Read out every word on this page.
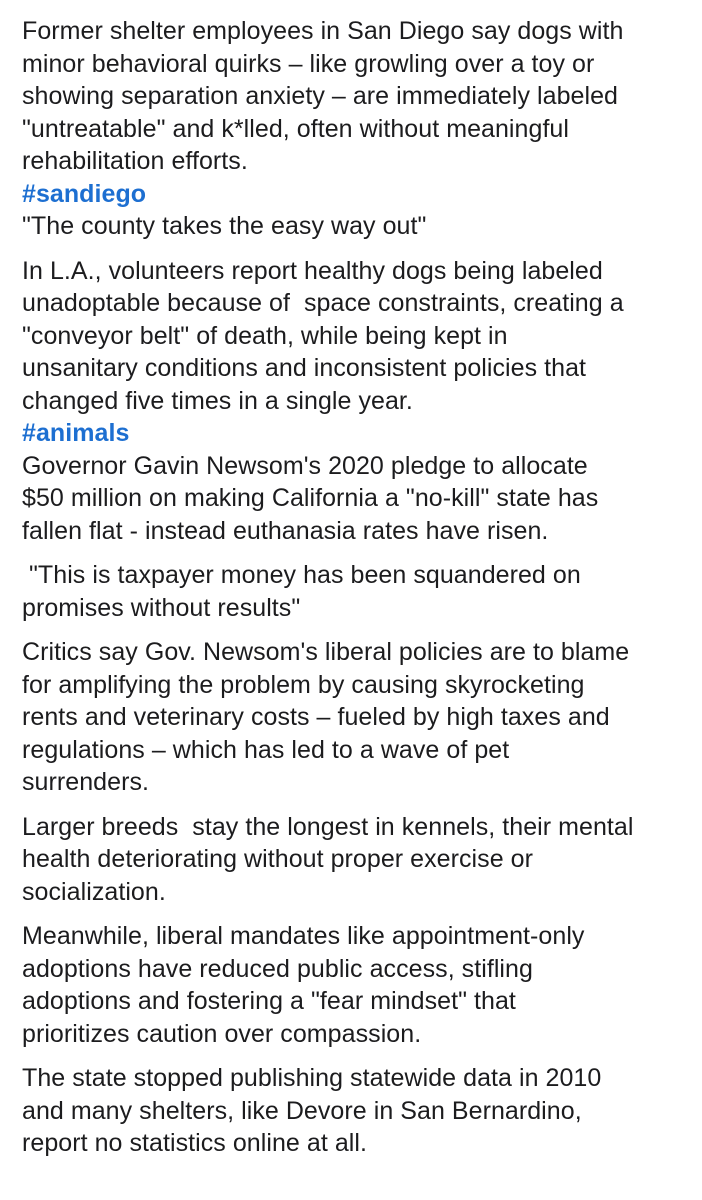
Former shelter employees in San Diego say dogs with
minor behavioral quirks – like growling over a toy or
showing separation anxiety – are immediately labeled
"untreatable" and k*lled, often without meaningful
rehabilitation efforts.

#sandiego

"The county takes the easy way out"

In L.A., volunteers report healthy dogs being labeled
unadoptable because of  space constraints, creating a
"conveyor belt" of death, while being kept in
unsanitary conditions and inconsistent policies that
changed five times in a single year.

#animals

Governor Gavin Newsom's 2020 pledge to allocate
$50 million on making California a "no-kill" state has
fallen flat - instead euthanasia rates have risen.

"This is taxpayer money has been squandered on
promises without results"

Critics say Gov. Newsom's liberal policies are to blame
for amplifying the problem by causing skyrocketing
rents and veterinary costs – fueled by high taxes and
regulations – which has led to a wave of pet
surrenders.

Larger breeds  stay the longest in kennels, their mental
health deteriorating without proper exercise or
socialization.

Meanwhile, liberal mandates like appointment-only
adoptions have reduced public access, stifling
adoptions and fostering a "fear mindset" that
prioritizes caution over compassion.

The state stopped publishing statewide data in 2010
and many shelters, like Devore in San Bernardino,
report no statistics online at all.
